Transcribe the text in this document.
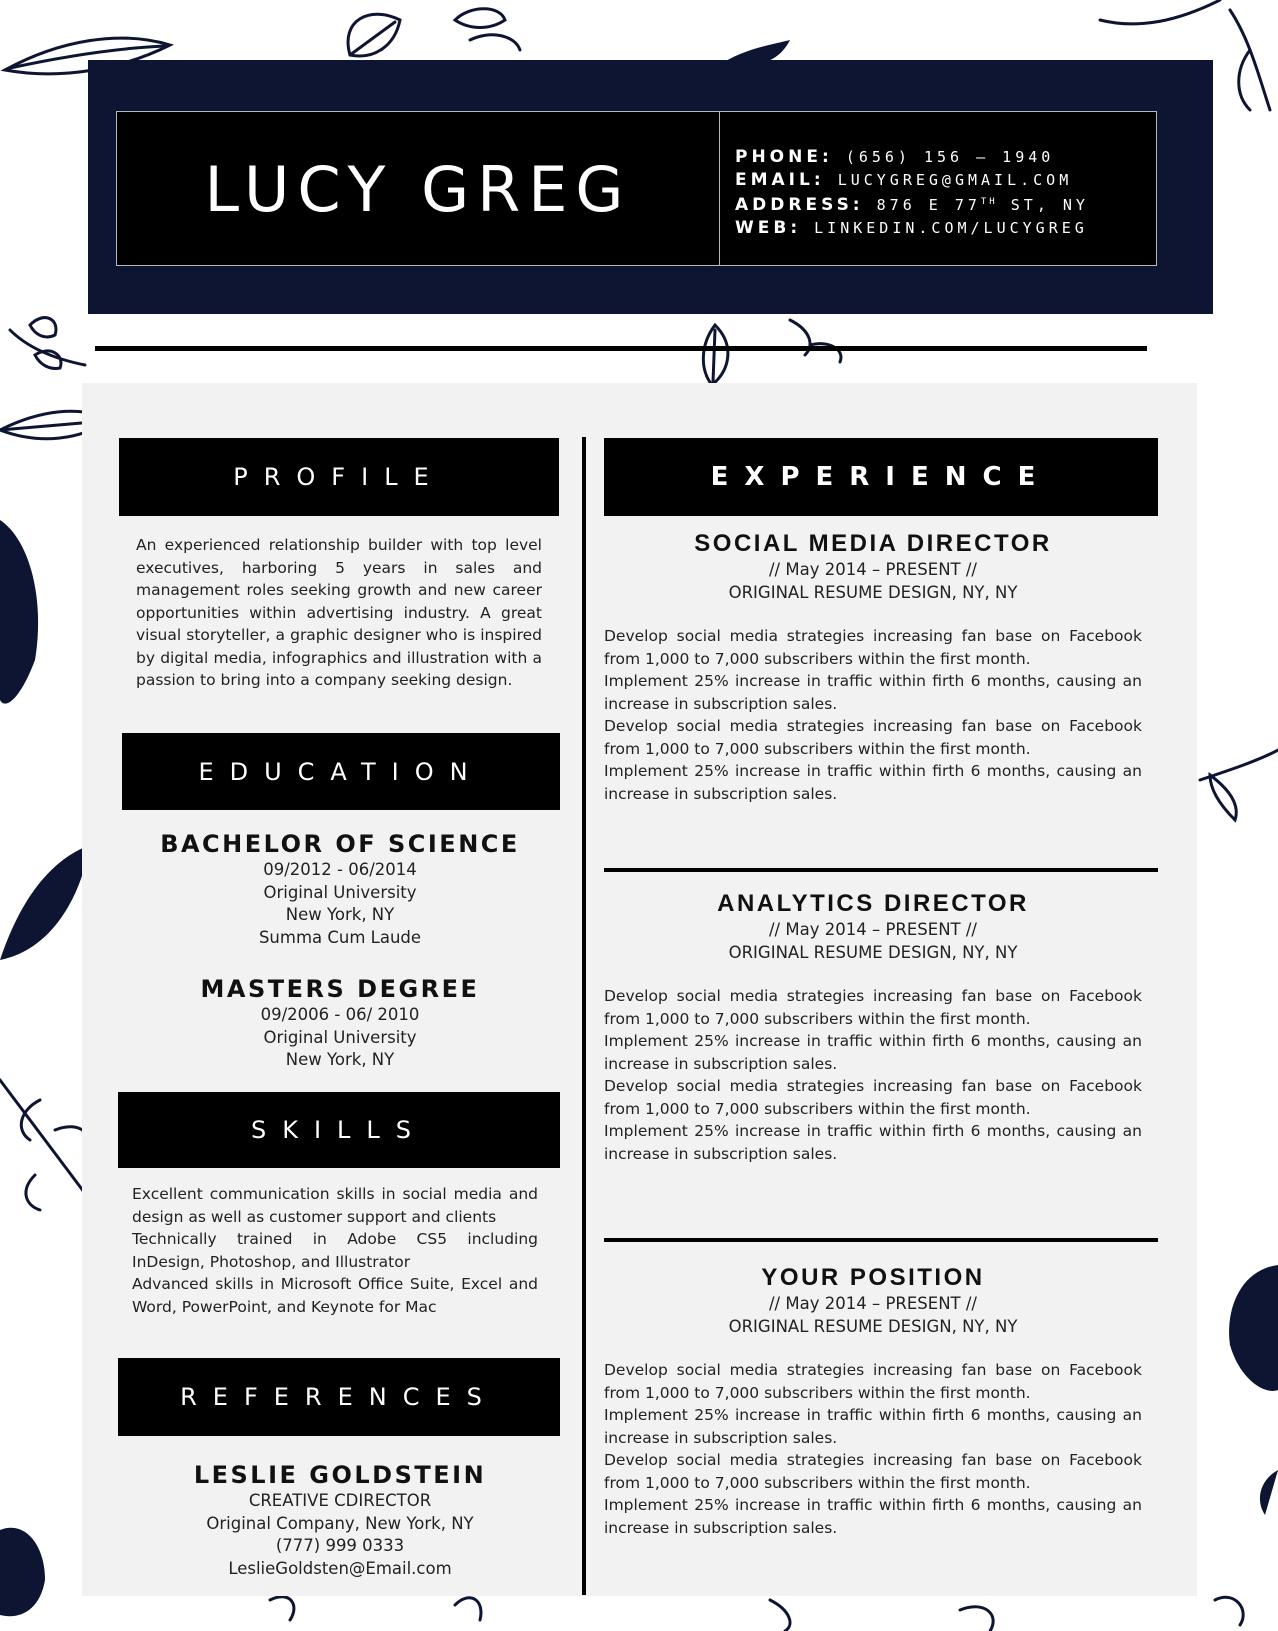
LUCY GREG	PHONE: (656) 156 – 1940
EMAIL: LUCYGREG@GMAIL.COM
ADDRESS: 876 E 77TH ST, NY
WEB: LINKEDIN.COM/LUCYGREG
PROFILE

An experienced relationship builder with top level executives, harboring 5 years in sales and management roles seeking growth and new career opportunities within advertising industry. A great visual storyteller, a graphic designer who is inspired by digital media, infographics and illustration with a passion to bring into a company seeking design.

EDUCATION
BACHELOR OF SCIENCE
09/2012 - 06/2014
Original University
New York, NY
Summa Cum Laude
MASTERS DEGREE
09/2006 - 06/ 2010
Original University
New York, NY
SKILLS

Excellent communication skills in social media and design as well as customer support and clients

Technically trained in Adobe CS5 including InDesign, Photoshop, and Illustrator

Advanced skills in Microsoft Office Suite, Excel and Word, PowerPoint, and Keynote for Mac

REFERENCES
LESLIE GOLDSTEIN
CREATIVE CDIRECTOR
Original Company, New York, NY
(777) 999 0333
LeslieGoldsten@Email.com
EXPERIENCE
SOCIAL MEDIA DIRECTOR
// May 2014 – PRESENT //
ORIGINAL RESUME DESIGN, NY, NY

Develop social media strategies increasing fan base on Facebook from 1,000 to 7,000 subscribers within the first month.

Implement 25% increase in traffic within firth 6 months, causing an increase in subscription sales.

Develop social media strategies increasing fan base on Facebook from 1,000 to 7,000 subscribers within the first month.

Implement 25% increase in traffic within firth 6 months, causing an increase in subscription sales.

ANALYTICS DIRECTOR
// May 2014 – PRESENT //
ORIGINAL RESUME DESIGN, NY, NY

Develop social media strategies increasing fan base on Facebook from 1,000 to 7,000 subscribers within the first month.

Implement 25% increase in traffic within firth 6 months, causing an increase in subscription sales.

Develop social media strategies increasing fan base on Facebook from 1,000 to 7,000 subscribers within the first month.

Implement 25% increase in traffic within firth 6 months, causing an increase in subscription sales.

YOUR POSITION
// May 2014 – PRESENT //
ORIGINAL RESUME DESIGN, NY, NY

Develop social media strategies increasing fan base on Facebook from 1,000 to 7,000 subscribers within the first month.

Implement 25% increase in traffic within firth 6 months, causing an increase in subscription sales.

Develop social media strategies increasing fan base on Facebook from 1,000 to 7,000 subscribers within the first month.

Implement 25% increase in traffic within firth 6 months, causing an increase in subscription sales.
